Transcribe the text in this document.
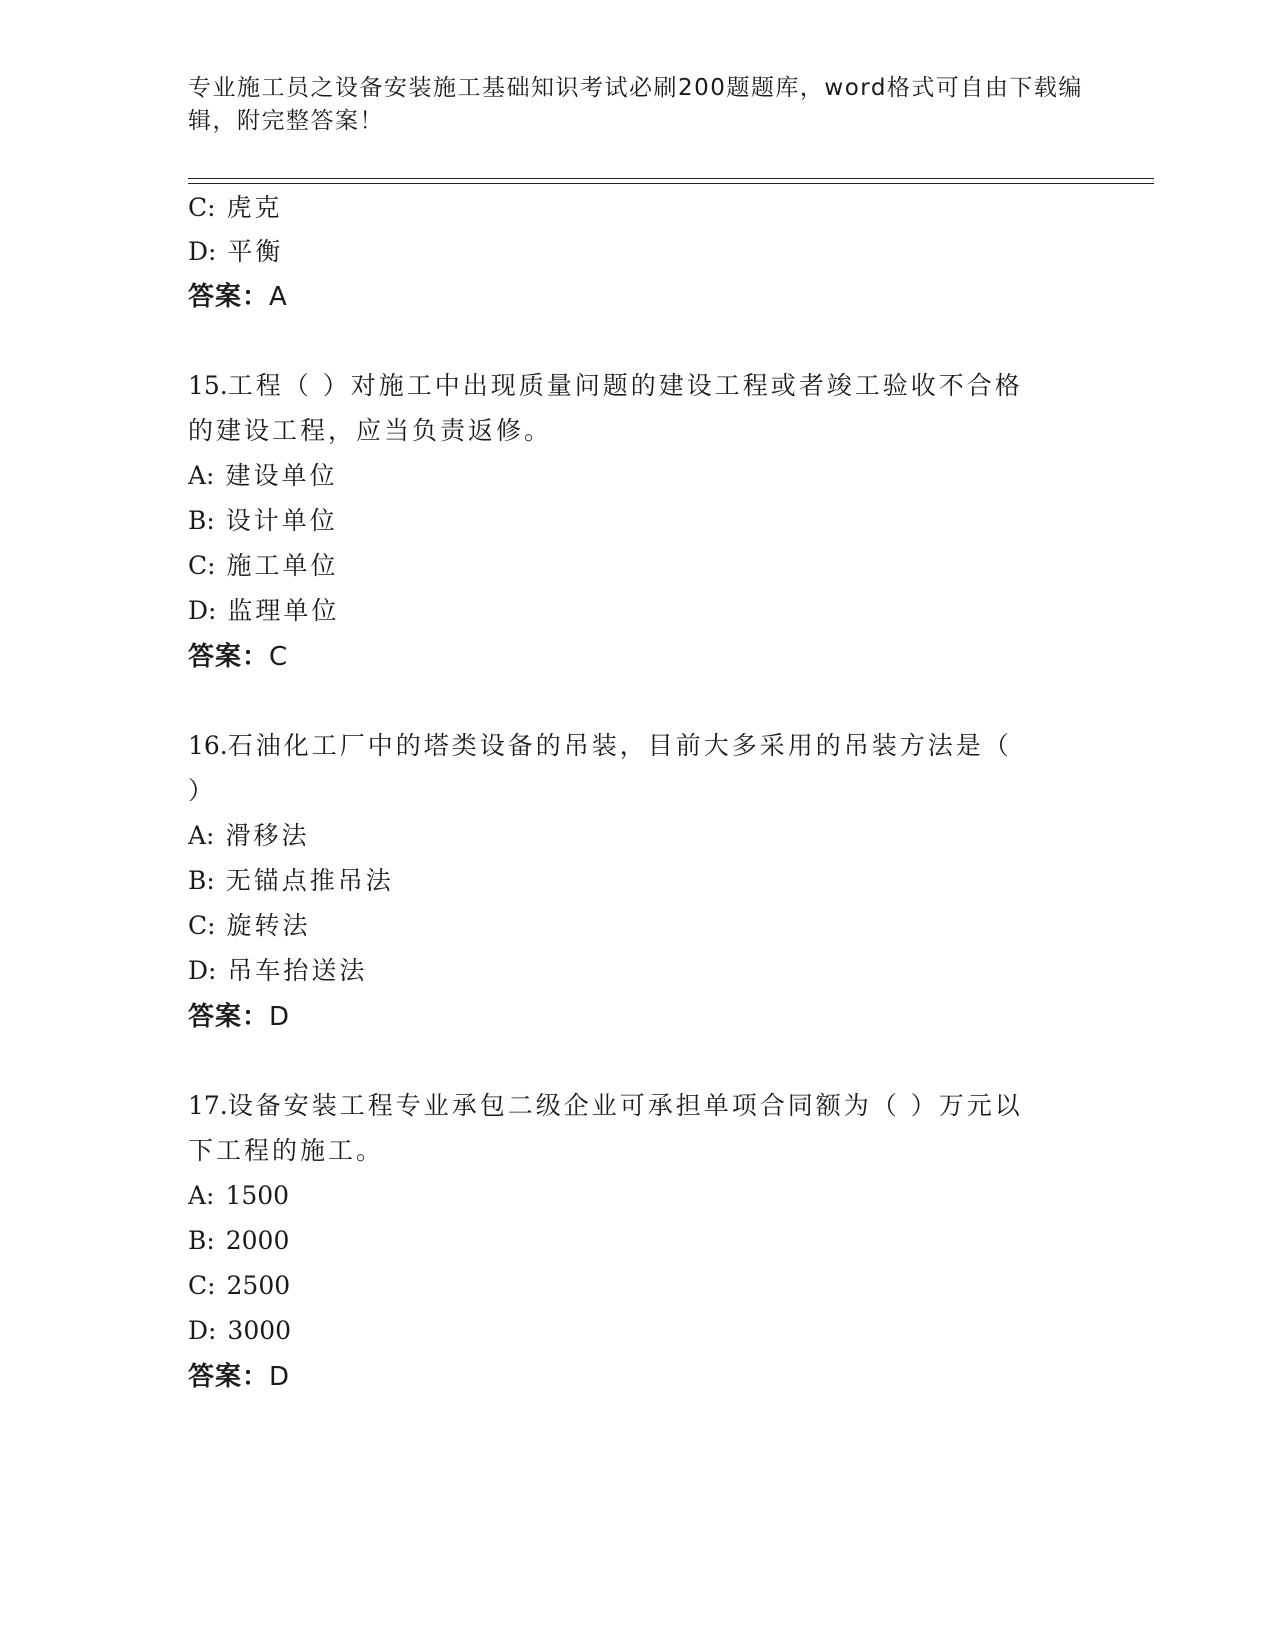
专业施工员之设备安装施工基础知识考试必刷200题题库，word格式可自由下载编辑，附完整答案！
C: 虎克
D: 平衡
答案：A
15.工程（ ）对施工中出现质量问题的建设工程或者竣工验收不合格
的建设工程，应当负责返修。
A: 建设单位
B: 设计单位
C: 施工单位
D: 监理单位
答案：C
16.石油化工厂中的塔类设备的吊装，目前大多采用的吊装方法是（
）
A: 滑移法
B: 无锚点推吊法
C: 旋转法
D: 吊车抬送法
答案：D
17.设备安装工程专业承包二级企业可承担单项合同额为（ ）万元以
下工程的施工。
A: 1500
B: 2000
C: 2500
D: 3000
答案：D
